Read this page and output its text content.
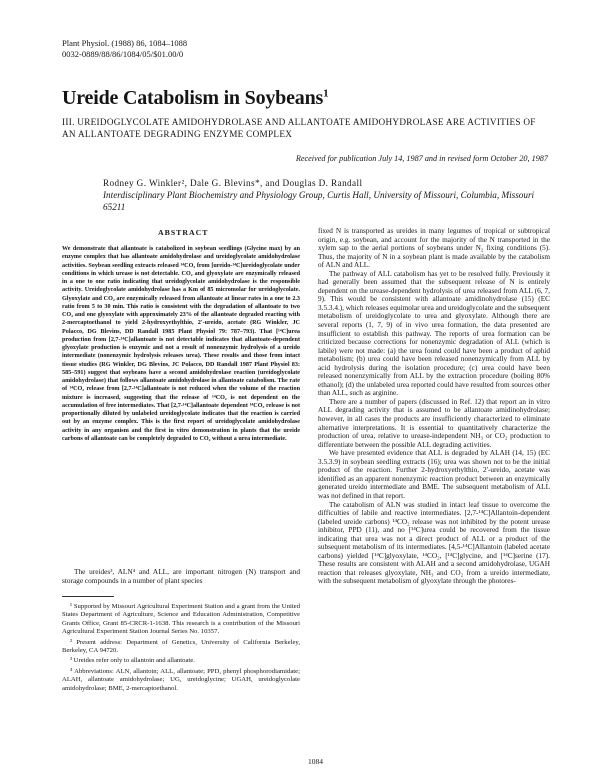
Plant Physiol. (1988) 86, 1084–1088
0032-0889/88/86/1084/05/$01.00/0
Ureide Catabolism in Soybeans$^1$
III. UREIDOGLYCOLATE AMIDOHYDROLASE AND ALLANTOATE AMIDOHYDROLASE ARE ACTIVITIES OF AN ALLANTOATE DEGRADING ENZYME COMPLEX
Received for publication July 14, 1987 and in revised form October 20, 1987
Rodney G. Winkler², Dale G. Blevins*, and Douglas D. Randall
Interdisciplinary Plant Biochemistry and Physiology Group, Curtis Hall, University of Missouri, Columbia, Missouri 65211
ABSTRACT
We demonstrate that allantoate is catabolized in soybean seedlings (Glycine max) by an enzyme complex that has allantoate amidohydrolase and ureidoglycolate amidohydrolase activities. Soybean seedling extracts released ¹⁴CO₂ from [ureido-¹⁴C]ureidoglycolate under conditions in which urease is not detectable. CO₂ and glyoxylate are enzymically released in a one to one ratio indicating that ureidoglycolate amidohydrolase is the responsible activity. Ureidoglycolate amidohydrolase has a Km of 85 micromolar for ureidoglycolate. Glyoxylate and CO₂ are enzymically released from allantoate at linear rates in a one to 2.3 ratio from 5 to 30 min. This ratio is consistent with the degradation of allantoate to two CO₂ and one glyoxylate with approximately 23% of the allantoate degraded reacting with 2-mercaptoethanol to yield 2-hydroxyethylthio, 2'-ureido, acetate (RG Winkler, JC Polacco, DG Blevins, DD Randall 1985 Plant Physiol 79: 787–793). That [¹⁴C]urea production from [2,7-¹⁴C]allantoate is not detectable indicates that allantoate-dependent glyoxylate production is enzymic and not a result of nonenzymic hydrolysis of a ureido intermediate (nonenzymic hydrolysis releases urea). These results and those from intact tissue studies (RG Winkler, DG Blevins, JC Polacco, DD Randall 1987 Plant Physiol 83: 585–591) suggest that soybeans have a second amidohydrolase reaction (ureidoglycolate amidohydrolase) that follows allantoate amidohydrolase in allantoate catabolism. The rate of ¹⁴CO₂ release from [2,7-¹⁴C]allantoate is not reduced when the volume of the reaction mixture is increased, suggesting that the release of ¹⁴CO₂ is not dependent on the accumulation of free intermediates. That [2,7-¹⁴C]allantoate dependent ¹⁴CO₂ release is not proportionally diluted by unlabeled ureidoglycolate indicates that the reaction is carried out by an enzyme complex. This is the first report of ureidoglycolate amidohydrolase activity in any organism and the first in vitro demonstration in plants that the ureide carbons of allantoate can be completely degraded to CO₂ without a urea intermediate.
The ureides³, ALN⁴ and ALL, are important nitrogen (N) transport and storage compounds in a number of plant species

¹ Supported by Missouri Agricultural Experiment Station and a grant from the United States Department of Agriculture, Science and Education Administration, Competitive Grants Office, Grant 85-CRCR-1-1638. This research is a contribution of the Missouri Agricultural Experiment Station Journal Series No. 10357.

² Present address: Department of Genetics, University of California Berkeley, Berkeley, CA 94720.

³ Ureides refer only to allantoin and allantoate.

⁴ Abbreviations: ALN, allantoin; ALL, allantoate; PPD, phenyl phosphorodiamidate; ALAH, allantoate amidohydrolase; UG, ureidoglycine; UGAH, ureidoglycolate amidohydrolase; BME, 2-mercaptoethanol.

fixed N is transported as ureides in many legumes of tropical or subtropical origin, e.g. soybean, and account for the majority of the N transported in the xylem sap to the aerial portions of soybeans under N₂ fixing conditions (5). Thus, the majority of N in a soybean plant is made available by the catabolism of ALN and ALL.

The pathway of ALL catabolism has yet to be resolved fully. Previously it had generally been assumed that the subsequent release of N is entirely dependent on the urease-dependent hydrolysis of urea released from ALL (6, 7, 9). This would be consistent with allantoate amidinohydrolase (15) (EC 3.5.3.4.), which releases equimolar urea and ureidoglycolate and the subsequent metabolism of ureidoglycolate to urea and glyoxylate. Although there are several reports (1, 7, 9) of in vivo urea formation, the data presented are insufficient to establish this pathway. The reports of urea formation can be criticized because corrections for nonenzymic degradation of ALL (which is labile) were not made: (a) the urea found could have been a product of aphid metabolism; (b) urea could have been released nonenzymically from ALL by acid hydrolysis during the isolation procedure; (c) urea could have been released nonenzymically from ALL by the extraction procedure (boiling 80% ethanol); (d) the unlabeled urea reported could have resulted from sources other than ALL, such as arginine.

There are a number of papers (discussed in Ref. 12) that report an in vitro ALL degrading activity that is assumed to be allantoate amidinohydrolase; however, in all cases the products are insufficiently characterized to eliminate alternative interpretations. It is essential to quantitatively characterize the production of urea, relative to urease-independent NH₃ or CO₂ production to differentiate between the possible ALL degrading activities.

We have presented evidence that ALL is degraded by ALAH (14, 15) (EC 3.5.3.9) in soybean seedling extracts (16); urea was shown not to be the initial product of the reaction. Further 2-hydroxyethylthio, 2'-ureido, acetate was identified as an apparent nonenzymic reaction product between an enzymically generated ureido intermediate and BME. The subsequent metabolism of ALL was not defined in that report.

The catabolism of ALN was studied in intact leaf tissue to overcome the difficulties of labile and reactive intermediates. [2,7-¹⁴C]Allantoin-dependent (labeled ureide carbons) ¹⁴CO₂ release was not inhibited by the potent urease inhibitor, PPD (11), and no [¹⁴C]urea could be recovered from the tissue indicating that urea was not a direct product of ALL or a product of the subsequent metabolism of its intermediates. [4,5-¹⁴C]Allantoin (labeled acetate carbons) yielded [¹⁴C]glyoxylate, ¹⁴CO₂, [¹⁴C]glycine, and [¹⁴C]serine (17). These results are consistent with ALAH and a second amidohydrolase, UGAH reaction that releases glyoxylate, NH₃ and CO₂ from a ureido intermediate, with the subsequent metabolism of glyoxylate through the photores-

1084
